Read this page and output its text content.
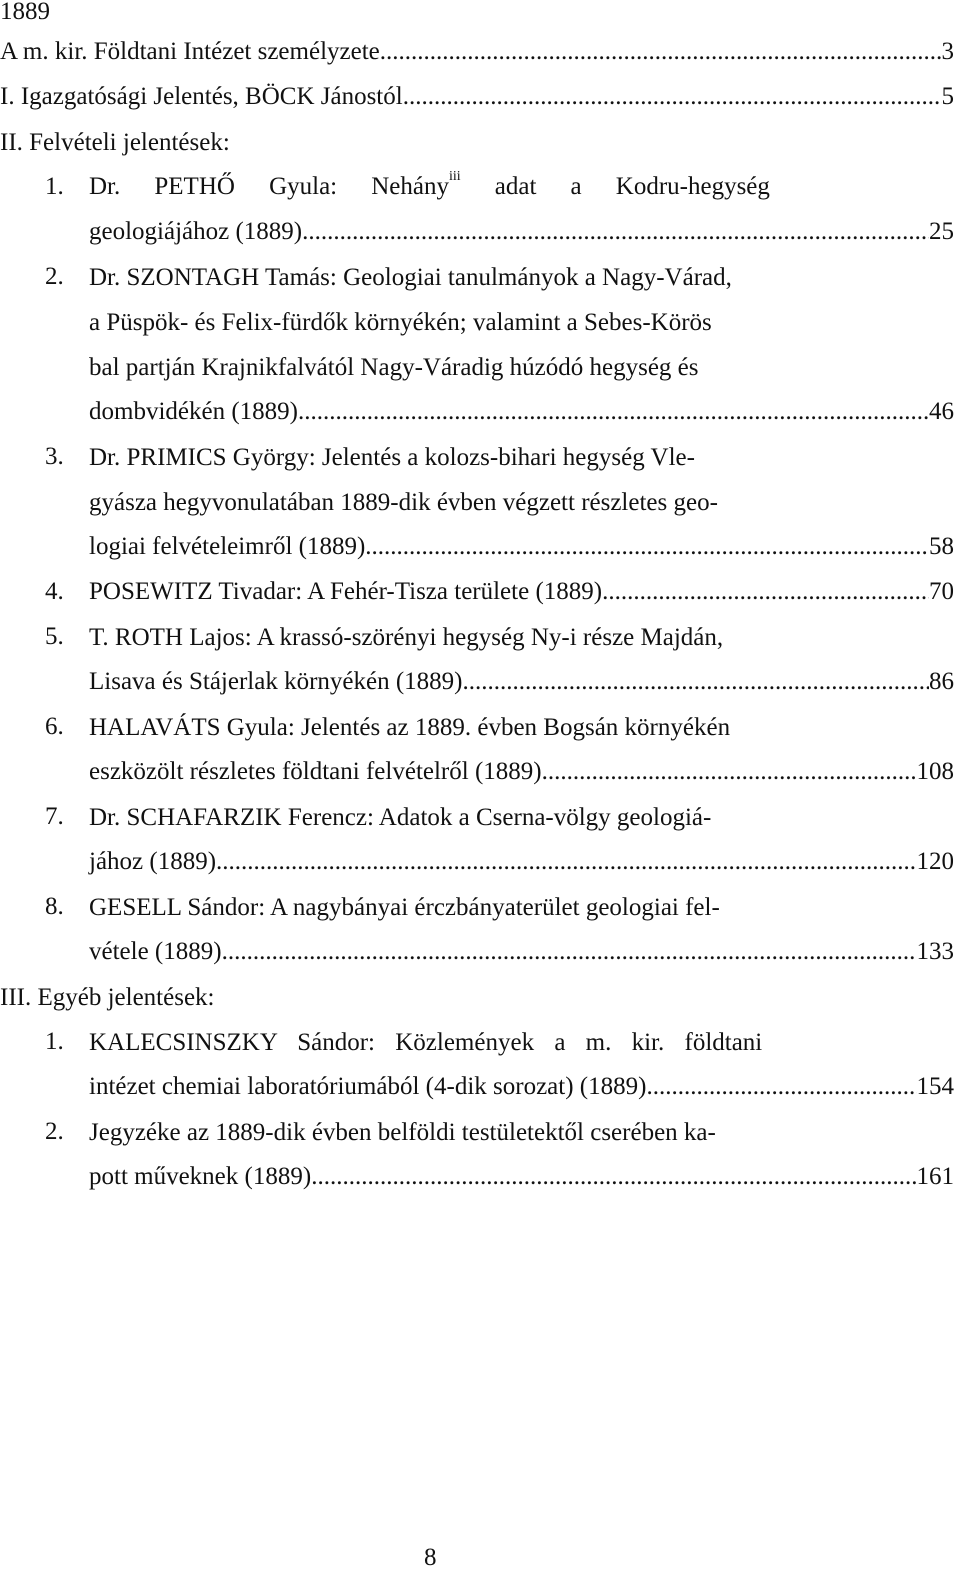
1889
A m. kir. Földtani Intézet személyzete .....	3
I. Igazgatósági Jelentés, BÖCK Jánostól .....	5
II. Felvételi jelentések:
1. Dr. PETHŐ Gyula: Nehány$^{iii}$ adat a Kodru-hegység
geologiájához (1889) .....	25
2. Dr. SZONTAGH Tamás: Geologiai tanulmányok a Nagy-Várad,
a Püspök- és Felix-fürdők környékén; valamint a Sebes-Körös
bal partján Krajnikfalvától Nagy-Váradig húzódó hegység és
dombvidékén (1889) .....	46
3. Dr. PRIMICS György: Jelentés a kolozs-bihari hegység Vle-
gyásza hegyvonulatában 1889-dik évben végzett részletes geo-
logiai felvételeimről (1889) .....	58
4. POSEWITZ Tivadar: A Fehér-Tisza területe (1889) .....	70
5. T. ROTH Lajos: A krassó-szörényi hegység Ny-i része Majdán,
Lisava és Stájerlak környékén (1889) .....	86
6. HALAVÁTS Gyula: Jelentés az 1889. évben Bogsán környékén
eszközölt részletes földtani felvételről (1889) .....	108
7. Dr. SCHAFARZIK Ferencz: Adatok a Cserna-völgy geologiá-
jához (1889) .....	120
8. GESELL Sándor: A nagybányai érczbányaterület geologiai fel-
vétele (1889) .....	133
III. Egyéb jelentések:
1. KALECSINSZKY Sándor: Közlemények a m. kir. földtani
intézet chemiai laboratóriumából (4-dik sorozat) (1889) .....	154
2. Jegyzéke az 1889-dik évben belföldi testületektől cserében ka-
pott műveknek (1889) .....	161
8
